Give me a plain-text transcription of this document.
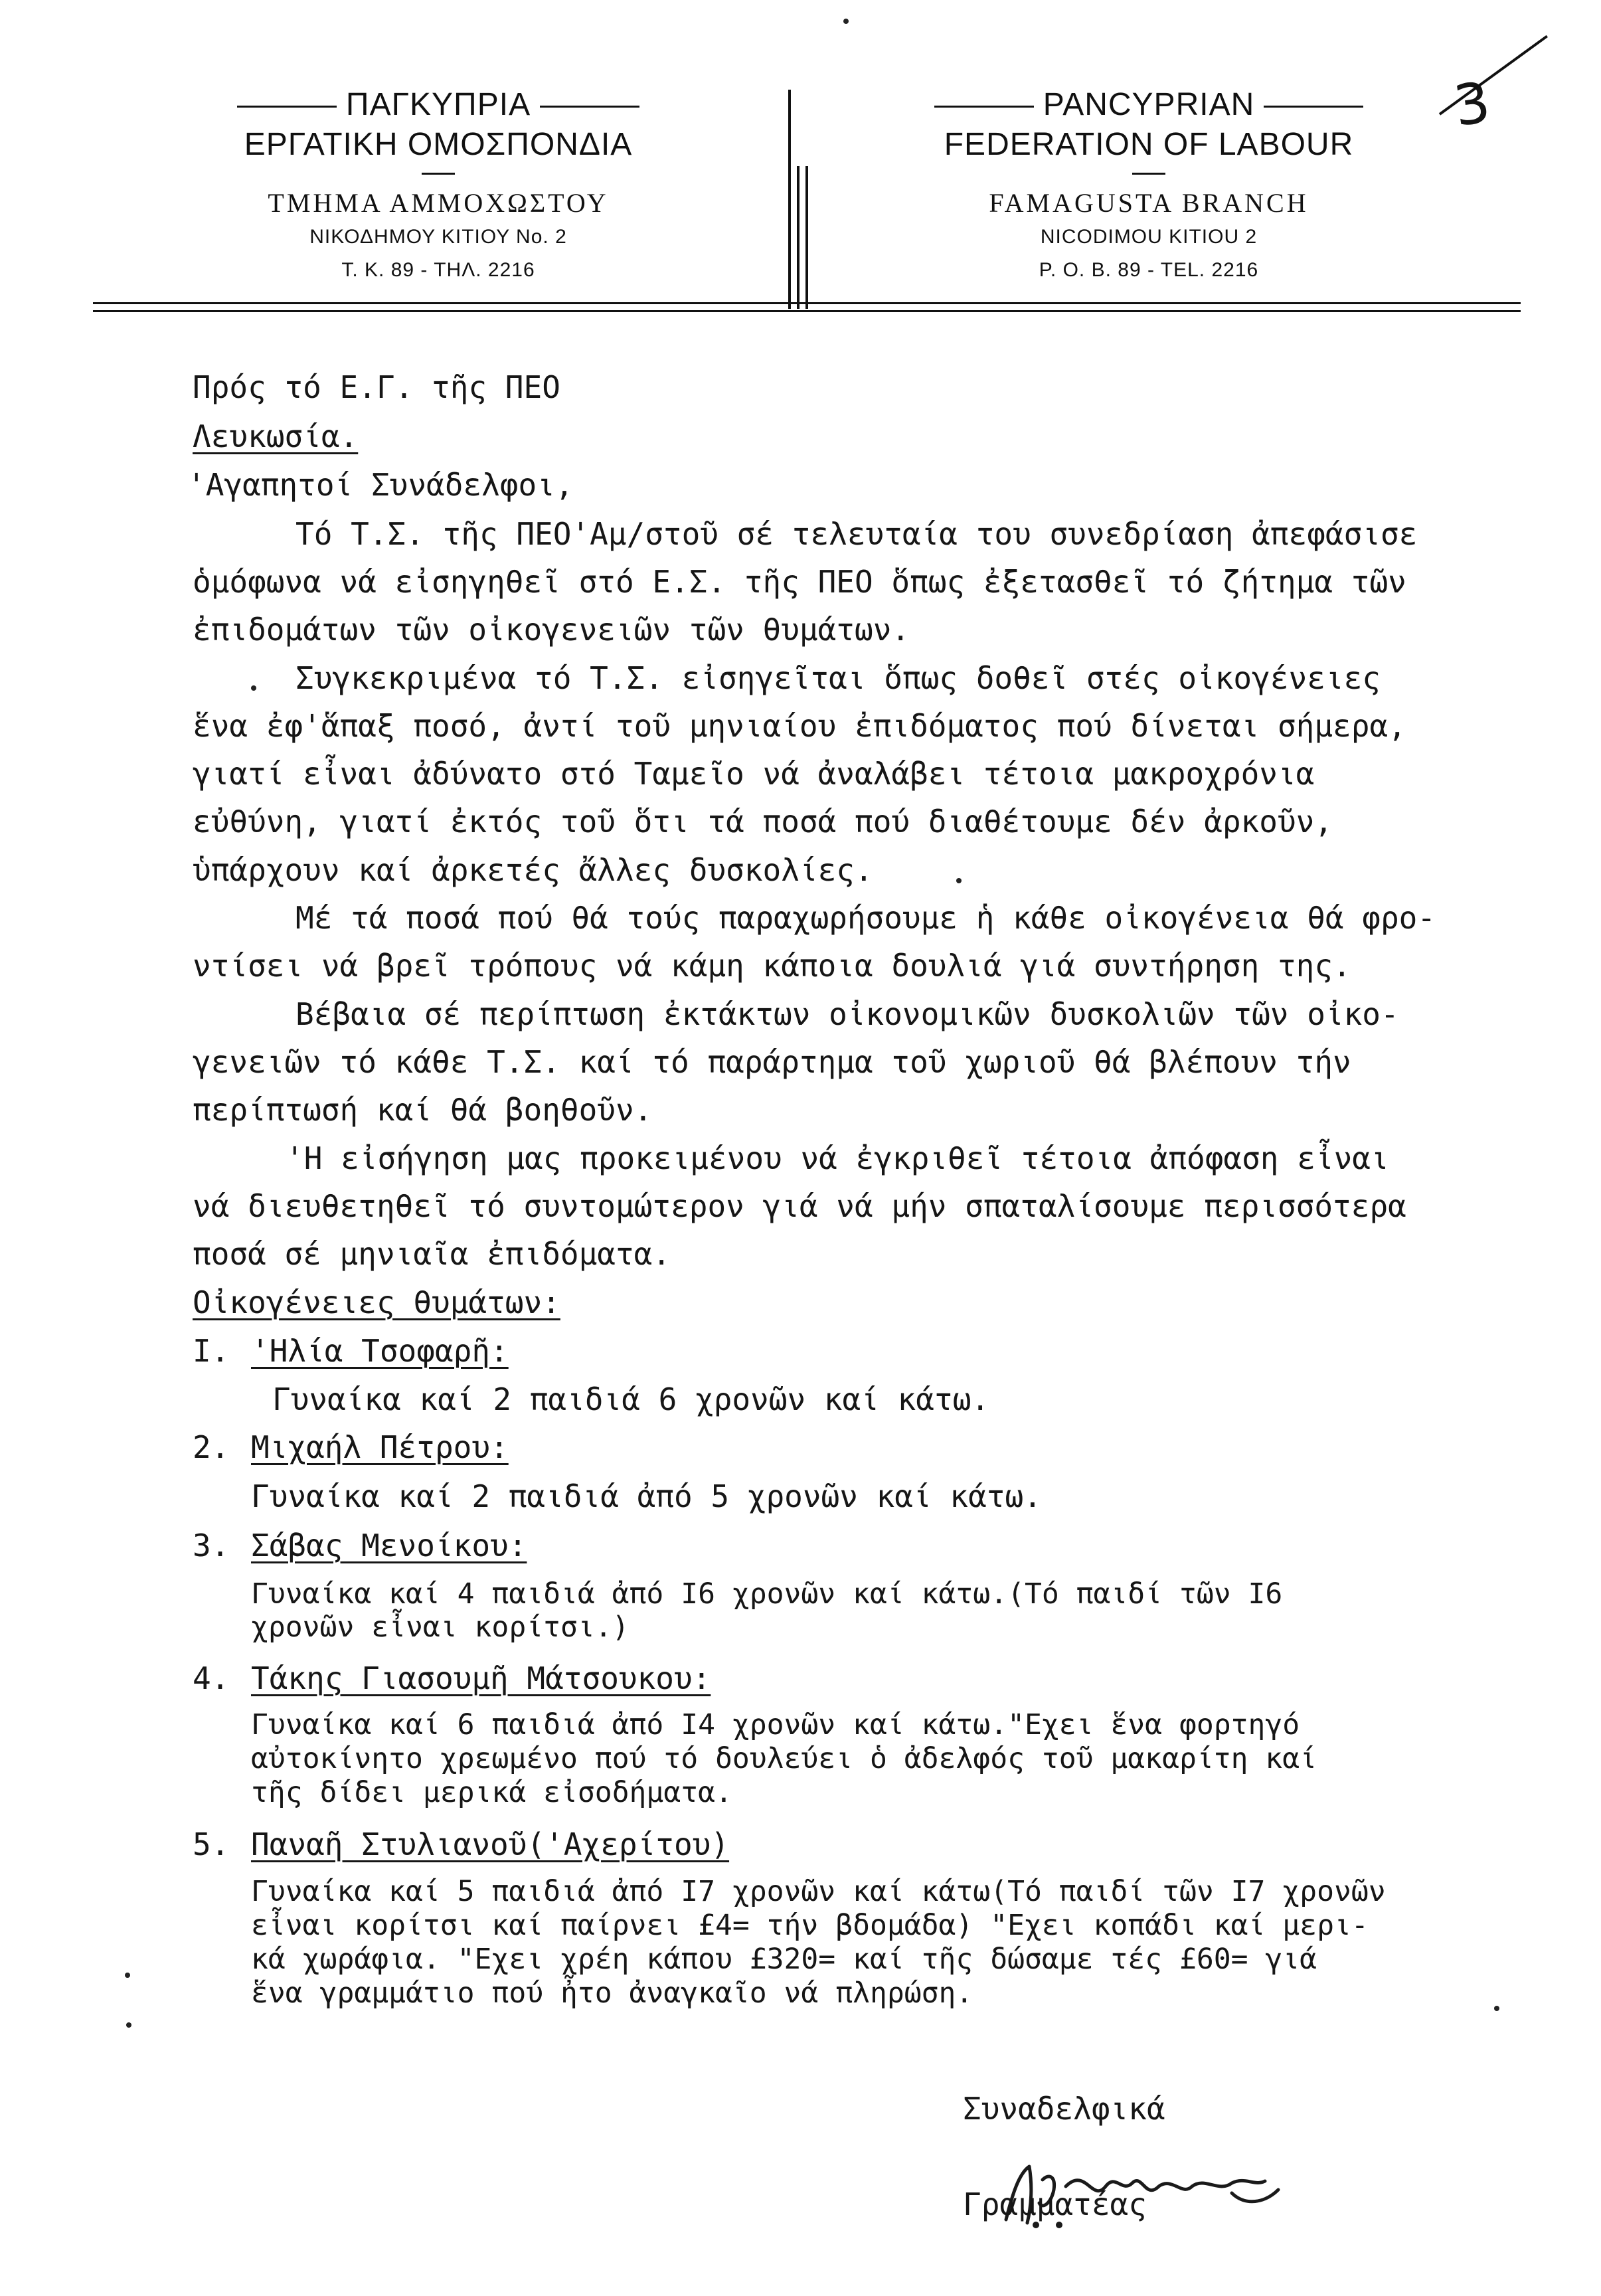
ΠΑΓΚΥΠΡΙΑ
ΕΡΓΑΤΙΚΗ ΟΜΟΣΠΟΝΔΙΑ
ΤΜΗΜΑ ΑΜΜΟΧΩΣΤΟΥ
ΝΙΚΟΔΗΜΟΥ ΚΙΤΙΟΥ Νο. 2
Τ. Κ. 89 - ΤΗΛ. 2216
PANCYPRIAN
FEDERATION OF LABOUR
FAMAGUSTA BRANCH
NICODIMOU KITIOU 2
P. O. B. 89 - TEL. 2216
3
Πρός τό Ε.Γ. τῆς ΠΕΟ
Λευκωσία.
'Αγαπητοί Συνάδελφοι,
Τό Τ.Σ. τῆς ΠΕΟ'Αμ/στοῦ σέ τελευταία του συνεδρίαση ἀπεφάσισε
ὁμόφωνα νά εἰσηγηθεῖ στό Ε.Σ. τῆς ΠΕΟ ὅπως ἐξετασθεῖ τό ζήτημα τῶν
ἐπιδομάτων τῶν οἰκογενειῶν τῶν θυμάτων.
Συγκεκριμένα τό Τ.Σ. εἰσηγεῖται ὅπως δοθεῖ στές οἰκογένειες
ἕνα ἐφ'ἅπαξ ποσό, ἀντί τοῦ μηνιαίου ἐπιδόματος πού δίνεται σήμερα,
γιατί εἶναι ἀδύνατο στό Ταμεῖο νά ἀναλάβει τέτοια μακροχρόνια
εὐθύνη, γιατί ἐκτός τοῦ ὅτι τά ποσά πού διαθέτουμε δέν ἀρκοῦν,
ὑπάρχουν καί ἀρκετές ἄλλες δυσκολίες.
Μέ τά ποσά πού θά τούς παραχωρήσουμε ἡ κάθε οἰκογένεια θά φρο-
ντίσει νά βρεῖ τρόπους νά κάμη κάποια δουλιά γιά συντήρηση της.
Βέβαια σέ περίπτωση ἐκτάκτων οἰκονομικῶν δυσκολιῶν τῶν οἰκο-
γενειῶν τό κάθε Τ.Σ. καί τό παράρτημα τοῦ χωριοῦ θά βλέπουν τήν
περίπτωσή καί θά βοηθοῦν.
'Η εἰσήγηση μας προκειμένου νά ἐγκριθεῖ τέτοια ἀπόφαση εἶναι
νά διευθετηθεῖ τό συντομώτερον γιά νά μήν σπαταλίσουμε περισσότερα
ποσά σέ μηνιαῖα ἐπιδόματα.
Οἰκογένειες θυμάτων:
I. 'Ηλία Τσοφαρῆ:
Γυναίκα καί 2 παιδιά 6 χρονῶν καί κάτω.
2. Μιχαήλ Πέτρου:
Γυναίκα καί 2 παιδιά ἀπό 5 χρονῶν καί κάτω.
3. Σάβας Μενοίκου:
Γυναίκα καί 4 παιδιά ἀπό Ι6 χρονῶν καί κάτω.(Τό παιδί τῶν Ι6
χρονῶν εἶναι κορίτσι.)
4. Τάκης Γιασουμῆ Μάτσουκου:
Γυναίκα καί 6 παιδιά ἀπό Ι4 χρονῶν καί κάτω."Εχει ἕνα φορτηγό
αὐτοκίνητο χρεωμένο πού τό δουλεύει ὁ ἀδελφός τοῦ μακαρίτη καί
τῆς δίδει μερικά εἰσοδήματα.
5. Παναῆ Στυλιανοῦ('Αχερίτου)
Γυναίκα καί 5 παιδιά ἀπό Ι7 χρονῶν καί κάτω(Τό παιδί τῶν Ι7 χρονῶν
εἶναι κορίτσι καί παίρνει £4= τήν βδομάδα) "Εχει κοπάδι καί μερι-
κά χωράφια. "Εχει χρέη κάπου £320= καί τῆς δώσαμε τές £60= γιά
ἕνα γραμμάτιο πού ἦτο ἀναγκαῖο νά πληρώση.
Συναδελφικά
Γραμματέας
